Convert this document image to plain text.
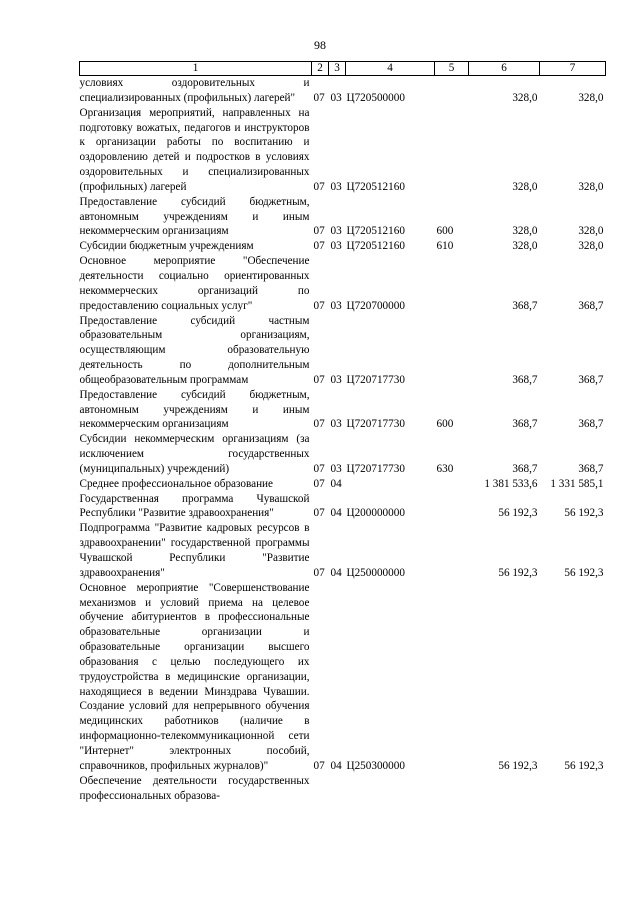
98
1	2	3	4	5	6	7
условиях оздоровительных и специализированных (профильных) лагерей"	07	03	Ц720500000		328,0	328,0
Организация мероприятий, направленных на подготовку вожатых, педагогов и инструкторов к организации работы по воспитанию и оздоровлению детей и подростков в условиях оздоровительных и специализированных (профильных) лагерей	07	03	Ц720512160		328,0	328,0
Предоставление субсидий бюджетным, автономным учреждениям и иным некоммерческим организациям	07	03	Ц720512160	600	328,0	328,0
Субсидии бюджетным учреждениям	07	03	Ц720512160	610	328,0	328,0
Основное мероприятие "Обеспечение деятельности социально ориентированных некоммерческих организаций по предоставлению социальных услуг"	07	03	Ц720700000		368,7	368,7
Предоставление субсидий частным образовательным организациям, осуществляющим образовательную деятельность по дополнительным общеобразовательным программам	07	03	Ц720717730		368,7	368,7
Предоставление субсидий бюджетным, автономным учреждениям и иным некоммерческим организациям	07	03	Ц720717730	600	368,7	368,7
Субсидии некоммерческим организациям (за исключением государственных (муниципальных) учреждений)	07	03	Ц720717730	630	368,7	368,7
Среднее профессиональное образование	07	04			1 381 533,6	1 331 585,1
Государственная программа Чувашской Республики "Развитие здравоохранения"	07	04	Ц200000000		56 192,3	56 192,3
Подпрограмма "Развитие кадровых ресурсов в здравоохранении" государственной программы Чувашской Республики "Развитие здравоохранения"	07	04	Ц250000000		56 192,3	56 192,3
Основное мероприятие "Совершенствование механизмов и условий приема на целевое обучение абитуриентов в профессиональные образовательные организации и образовательные организации высшего образования с целью последующего их трудоустройства в медицинские организации, находящиеся в ведении Минздрава Чувашии. Создание условий для непрерывного обучения медицинских работников (наличие в информационно-телекоммуникационной сети "Интернет" электронных пособий, справочников, профильных журналов)"	07	04	Ц250300000		56 192,3	56 192,3
Обеспечение деятельности государственных профессиональных образова-						
